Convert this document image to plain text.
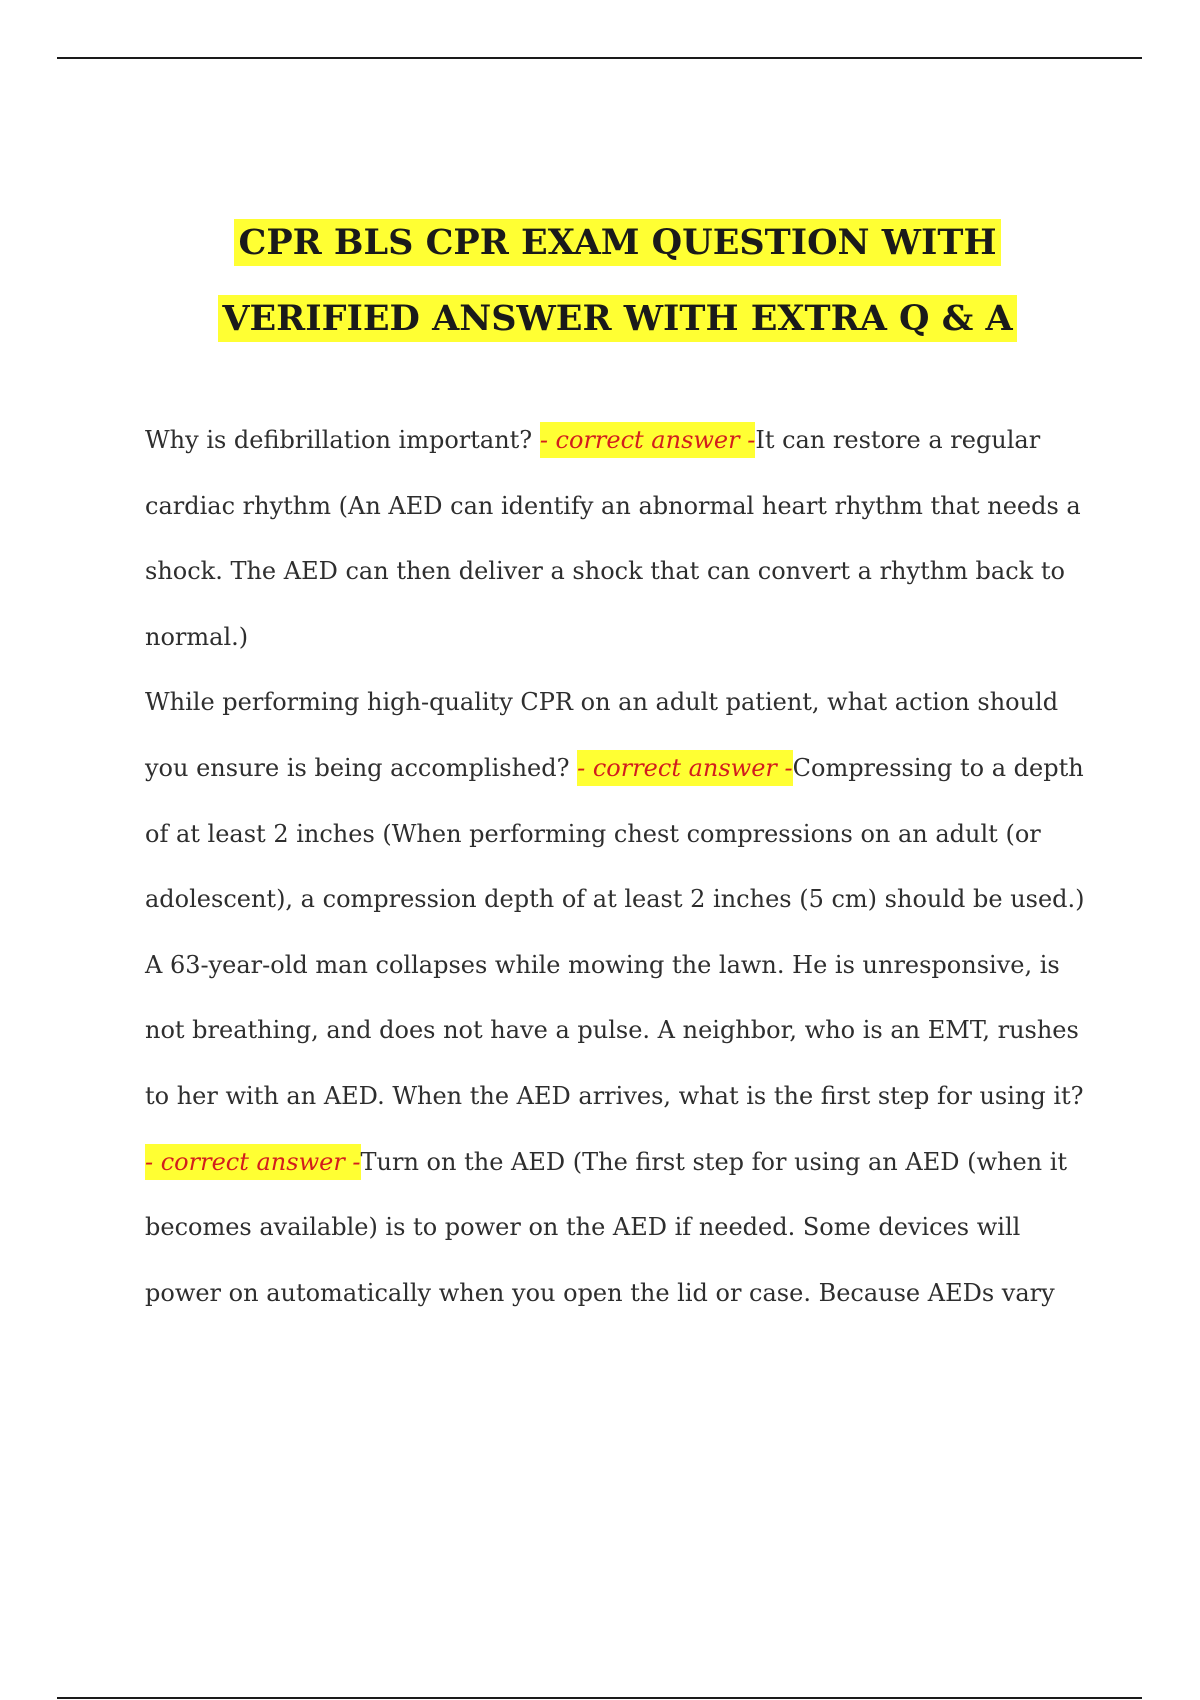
CPR BLS CPR EXAM QUESTION WITH
VERIFIED ANSWER WITH EXTRA Q & A

Why is defibrillation important? - correct answer -It can restore a regular cardiac rhythm (An AED can identify an abnormal heart rhythm that needs a shock. The AED can then deliver a shock that can convert a rhythm back to normal.)

While performing high-quality CPR on an adult patient, what action should you ensure is being accomplished? - correct answer -Compressing to a depth of at least 2 inches (When performing chest compressions on an adult (or adolescent), a compression depth of at least 2 inches (5 cm) should be used.)

A 63-year-old man collapses while mowing the lawn. He is unresponsive, is not breathing, and does not have a pulse. A neighbor, who is an EMT, rushes to her with an AED. When the AED arrives, what is the first step for using it? - correct answer -Turn on the AED (The first step for using an AED (when it becomes available) is to power on the AED if needed. Some devices will power on automatically when you open the lid or case. Because AEDs vary
